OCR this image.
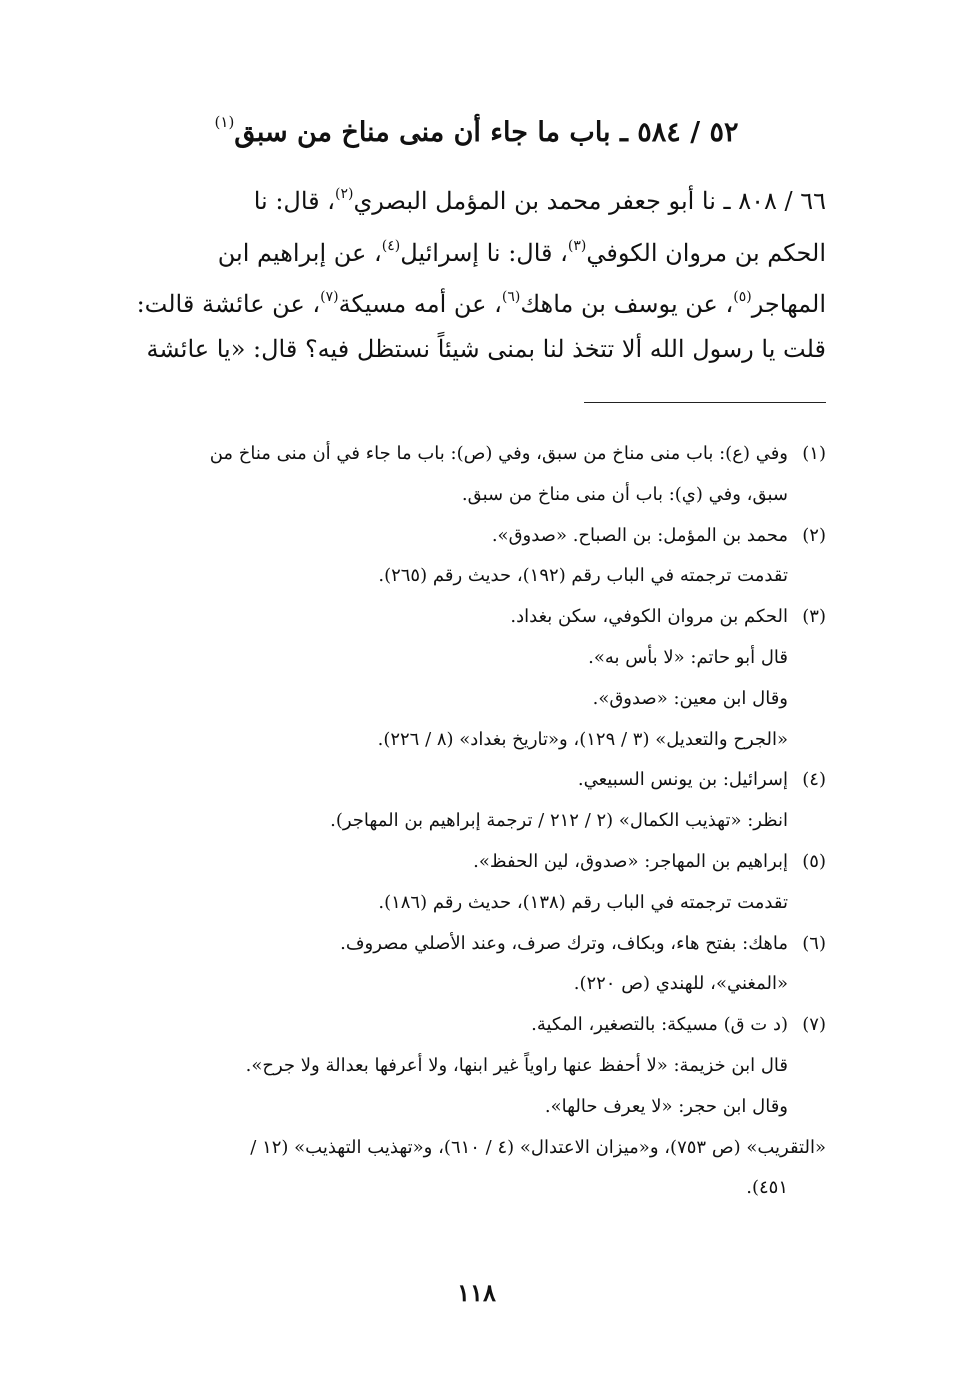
٥٢ / ٥٨٤ ـ باب ما جاء أن منى مناخ من سبق$^{(١)}$

٦٦ / ٨٠٨ ـ نا أبو جعفر محمد بن المؤمل البصري$^{(٢)}$، قال: نا

الحكم بن مروان الكوفي$^{(٣)}$، قال: نا إسرائيل$^{(٤)}$، عن إبراهيم ابن

المهاجر$^{(٥)}$، عن يوسف بن ماهك$^{(٦)}$، عن أمه مسيكة$^{(٧)}$، عن عائشة قالت:

قلت يا رسول الله ألا تتخذ لنا بمنى شيئاً نستظل فيه؟ قال: «يا عائشة

(١)وفي (ع): باب منى مناخ من سبق، وفي (ص): باب ما جاء في أن منى مناخ من

سبق، وفي (ي): باب أن منى مناخ من سبق.

(٢)محمد بن المؤمل: بن الصباح. «صدوق».

تقدمت ترجمته في الباب رقم (١٩٢)، حديث رقم (٢٦٥).

(٣)الحكم بن مروان الكوفي، سكن بغداد.

قال أبو حاتم: «لا بأس به».

وقال ابن معين: «صدوق».

«الجرح والتعديل» (٣ / ١٢٩)، و«تاريخ بغداد» (٨ / ٢٢٦).

(٤)إسرائيل: بن يونس السبيعي.

انظر: «تهذيب الكمال» (٢ / ٢١٢ / ترجمة إبراهيم بن المهاجر).

(٥)إبراهيم بن المهاجر: «صدوق، لين الحفظ».

تقدمت ترجمته في الباب رقم (١٣٨)، حديث رقم (١٨٦).

(٦)ماهك: بفتح هاء، وبكاف، وترك صرف، وعند الأصلي مصروف.

«المغني»، للهندي (ص ٢٢٠).

(٧)(د ت ق) مسيكة: بالتصغير، المكية.

قال ابن خزيمة: «لا أحفظ عنها راوياً غير ابنها، ولا أعرفها بعدالة ولا جرح».

وقال ابن حجر: «لا يعرف حالها».

«التقريب» (ص ٧٥٣)، و«ميزان الاعتدال» (٤ / ٦١٠)، و«تهذيب التهذيب» (١٢ /

٤٥١).

١١٨
